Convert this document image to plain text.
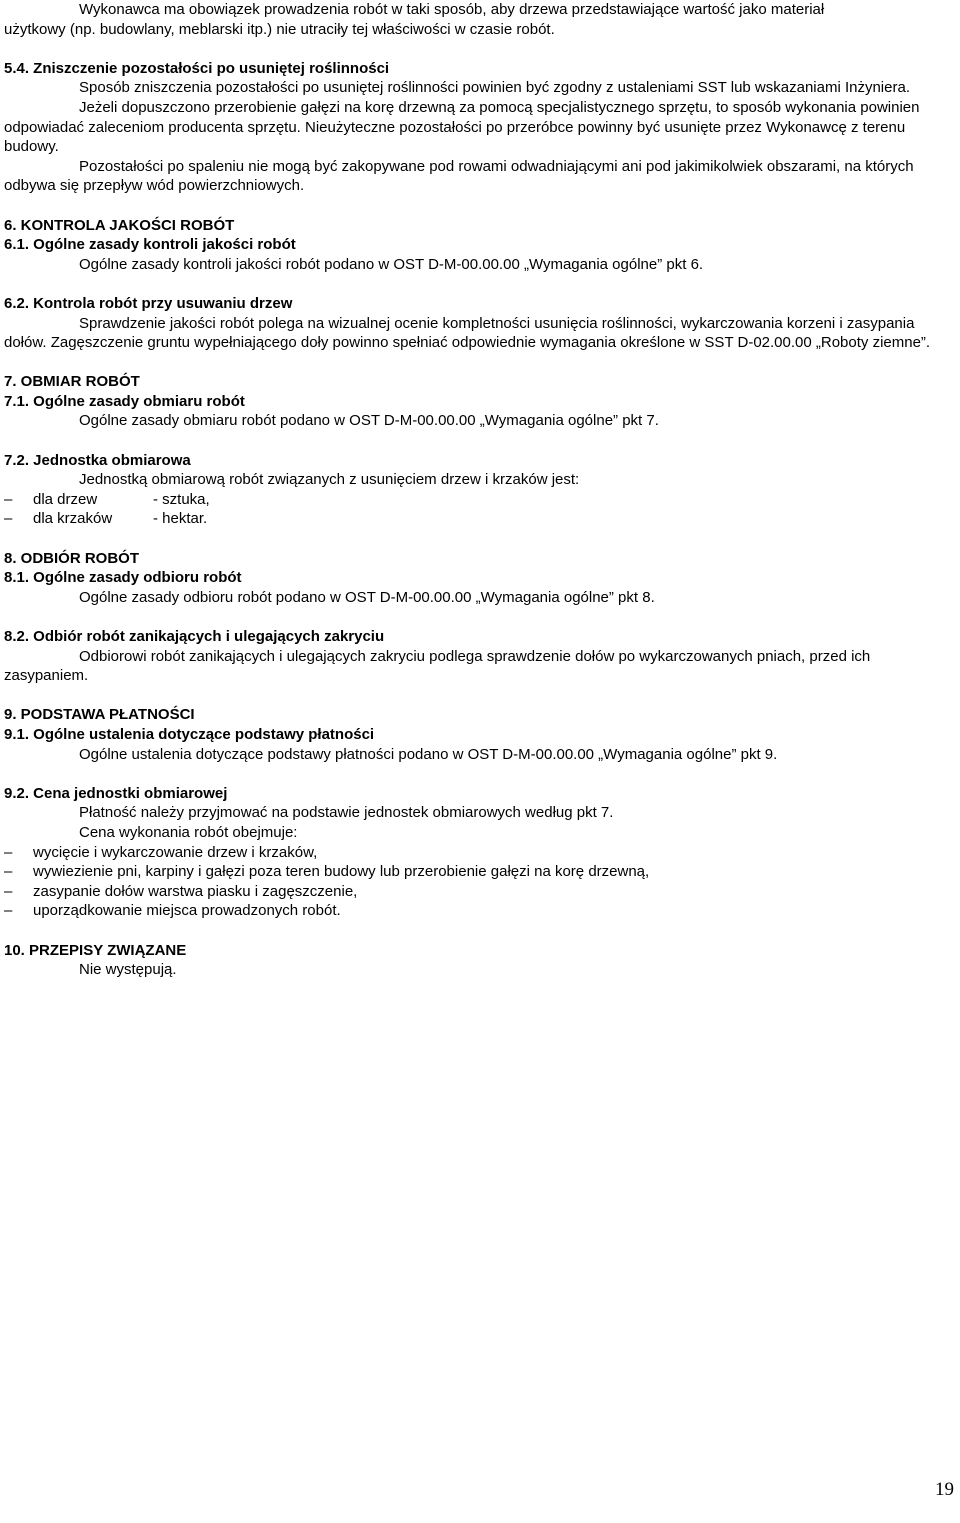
Wykonawca ma obowiązek prowadzenia robót w taki sposób, aby drzewa przedstawiające wartość jako materiał

użytkowy (np. budowlany, meblarski itp.) nie utraciły tej właściwości w czasie robót.

5.4. Zniszczenie pozostałości po usuniętej roślinności

Sposób zniszczenia pozostałości po usuniętej roślinności powinien być zgodny z ustaleniami SST lub wskazaniami Inżyniera.

Jeżeli dopuszczono przerobienie gałęzi na korę drzewną za pomocą specjalistycznego sprzętu, to sposób wykonania powinien odpowiadać zaleceniom producenta sprzętu. Nieużyteczne pozostałości po przeróbce powinny być usunięte przez Wykonawcę z terenu budowy.

Pozostałości po spaleniu nie mogą być zakopywane pod rowami odwadniającymi ani pod jakimikolwiek obszarami, na których odbywa się przepływ wód powierzchniowych.

6. KONTROLA JAKOŚCI ROBÓT

6.1. Ogólne zasady kontroli jakości robót

Ogólne zasady kontroli jakości robót podano w OST D-M-00.00.00 „Wymagania ogólne” pkt 6.

6.2. Kontrola robót przy usuwaniu drzew

Sprawdzenie jakości robót polega na wizualnej ocenie kompletności usunięcia roślinności, wykarczowania korzeni i zasypania dołów. Zagęszczenie gruntu wypełniającego doły powinno spełniać odpowiednie wymagania określone w SST D-02.00.00 „Roboty ziemne”.

7. OBMIAR ROBÓT

7.1. Ogólne zasady obmiaru robót

Ogólne zasady obmiaru robót podano w OST D-M-00.00.00 „Wymagania ogólne” pkt 7.

7.2. Jednostka obmiarowa

Jednostką obmiarową robót związanych z usunięciem drzew i krzaków jest:

–	dla drzew	- sztuka,
–	dla krzaków	- hektar.

8. ODBIÓR ROBÓT

8.1. Ogólne zasady odbioru robót

Ogólne zasady odbioru robót podano w OST D-M-00.00.00 „Wymagania ogólne” pkt 8.

8.2. Odbiór robót zanikających i ulegających zakryciu

Odbiorowi robót zanikających i ulegających zakryciu podlega sprawdzenie dołów po wykarczowanych pniach, przed ich zasypaniem.

9. PODSTAWA PŁATNOŚCI

9.1. Ogólne ustalenia dotyczące podstawy płatności

Ogólne ustalenia dotyczące podstawy płatności podano w OST D-M-00.00.00 „Wymagania ogólne” pkt 9.

9.2. Cena jednostki obmiarowej

Płatność należy przyjmować na podstawie jednostek obmiarowych według pkt 7.

Cena wykonania robót obejmuje:

–	wycięcie i wykarczowanie drzew i krzaków,
–	wywiezienie pni, karpiny i gałęzi poza teren budowy lub przerobienie gałęzi na korę drzewną,
–	zasypanie dołów warstwa piasku i zagęszczenie,
–	uporządkowanie miejsca prowadzonych robót.

10. PRZEPISY ZWIĄZANE

Nie występują.

19
